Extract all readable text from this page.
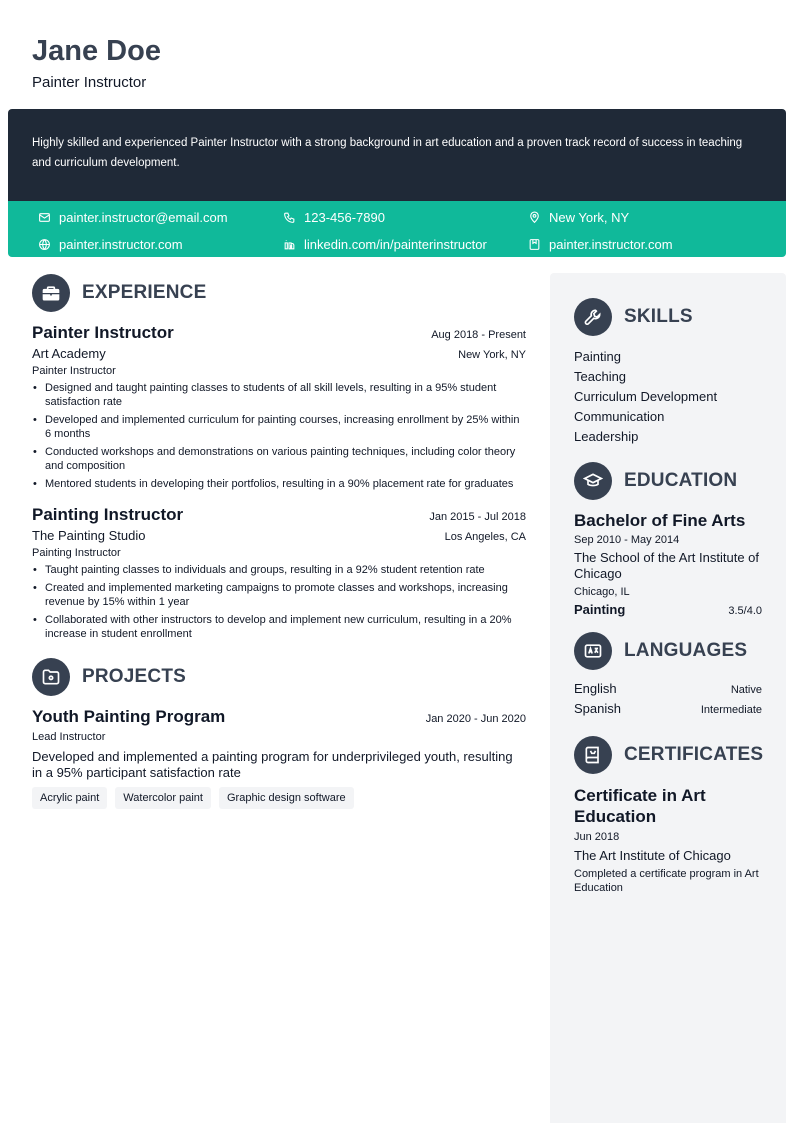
Jane Doe
Painter Instructor
Highly skilled and experienced Painter Instructor with a strong background in art education and a proven track record of success in teaching and curriculum development.
painter.instructor@email.com	123-456-7890	New York, NY
painter.instructor.com	linkedin.com/in/painterinstructor	painter.instructor.com
EXPERIENCE
Painter Instructor	Aug 2018 - Present
Art Academy	New York, NY
Painter Instructor
• Designed and taught painting classes to students of all skill levels, resulting in a 95% student satisfaction rate
• Developed and implemented curriculum for painting courses, increasing enrollment by 25% within 6 months
• Conducted workshops and demonstrations on various painting techniques, including color theory and composition
• Mentored students in developing their portfolios, resulting in a 90% placement rate for graduates
Painting Instructor	Jan 2015 - Jul 2018
The Painting Studio	Los Angeles, CA
Painting Instructor
• Taught painting classes to individuals and groups, resulting in a 92% student retention rate
• Created and implemented marketing campaigns to promote classes and workshops, increasing revenue by 15% within 1 year
• Collaborated with other instructors to develop and implement new curriculum, resulting in a 20% increase in student enrollment
PROJECTS
Youth Painting Program	Jan 2020 - Jun 2020
Lead Instructor
Developed and implemented a painting program for underprivileged youth, resulting in a 95% participant satisfaction rate
Acrylic paint	Watercolor paint	Graphic design software
SKILLS
Painting
Teaching
Curriculum Development
Communication
Leadership
EDUCATION
Bachelor of Fine Arts
Sep 2010 - May 2014
The School of the Art Institute of Chicago
Chicago, IL
Painting	3.5/4.0
LANGUAGES
English	Native
Spanish	Intermediate
CERTIFICATES
Certificate in Art Education
Jun 2018
The Art Institute of Chicago
Completed a certificate program in Art Education
